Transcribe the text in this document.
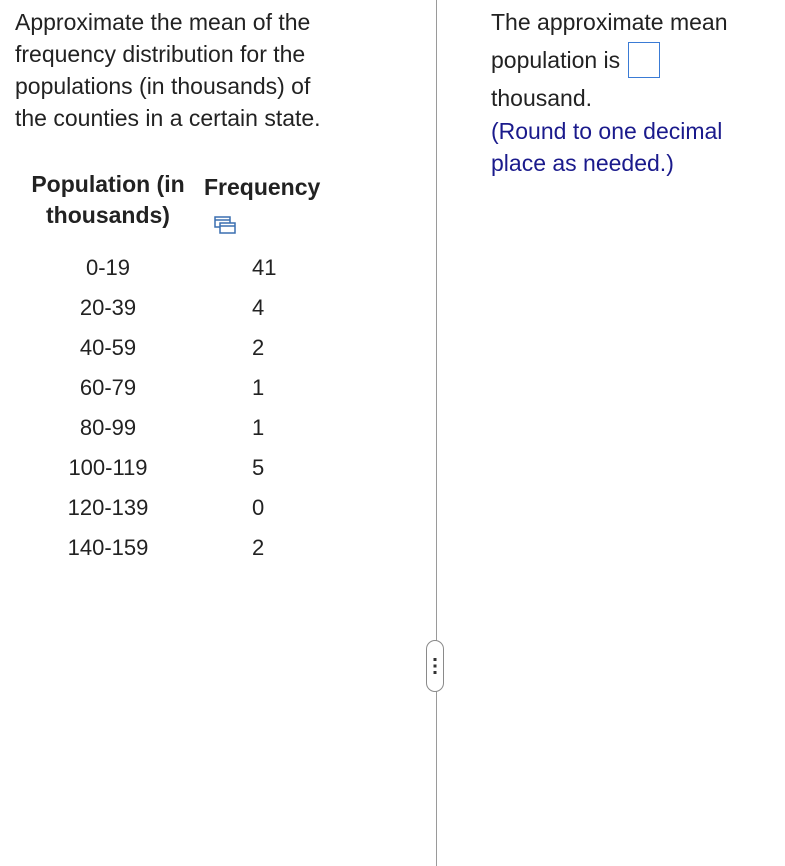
Approximate the mean of the
frequency distribution for the
populations (in thousands) of
the counties in a certain state.
Population (in
thousands)	Frequency
0-19	41
20-39	4
40-59	2
60-79	1
80-99	1
100-119	5
120-139	0
140-159	2
The approximate mean
population is
thousand.
(Round to one decimal
place as needed.)
